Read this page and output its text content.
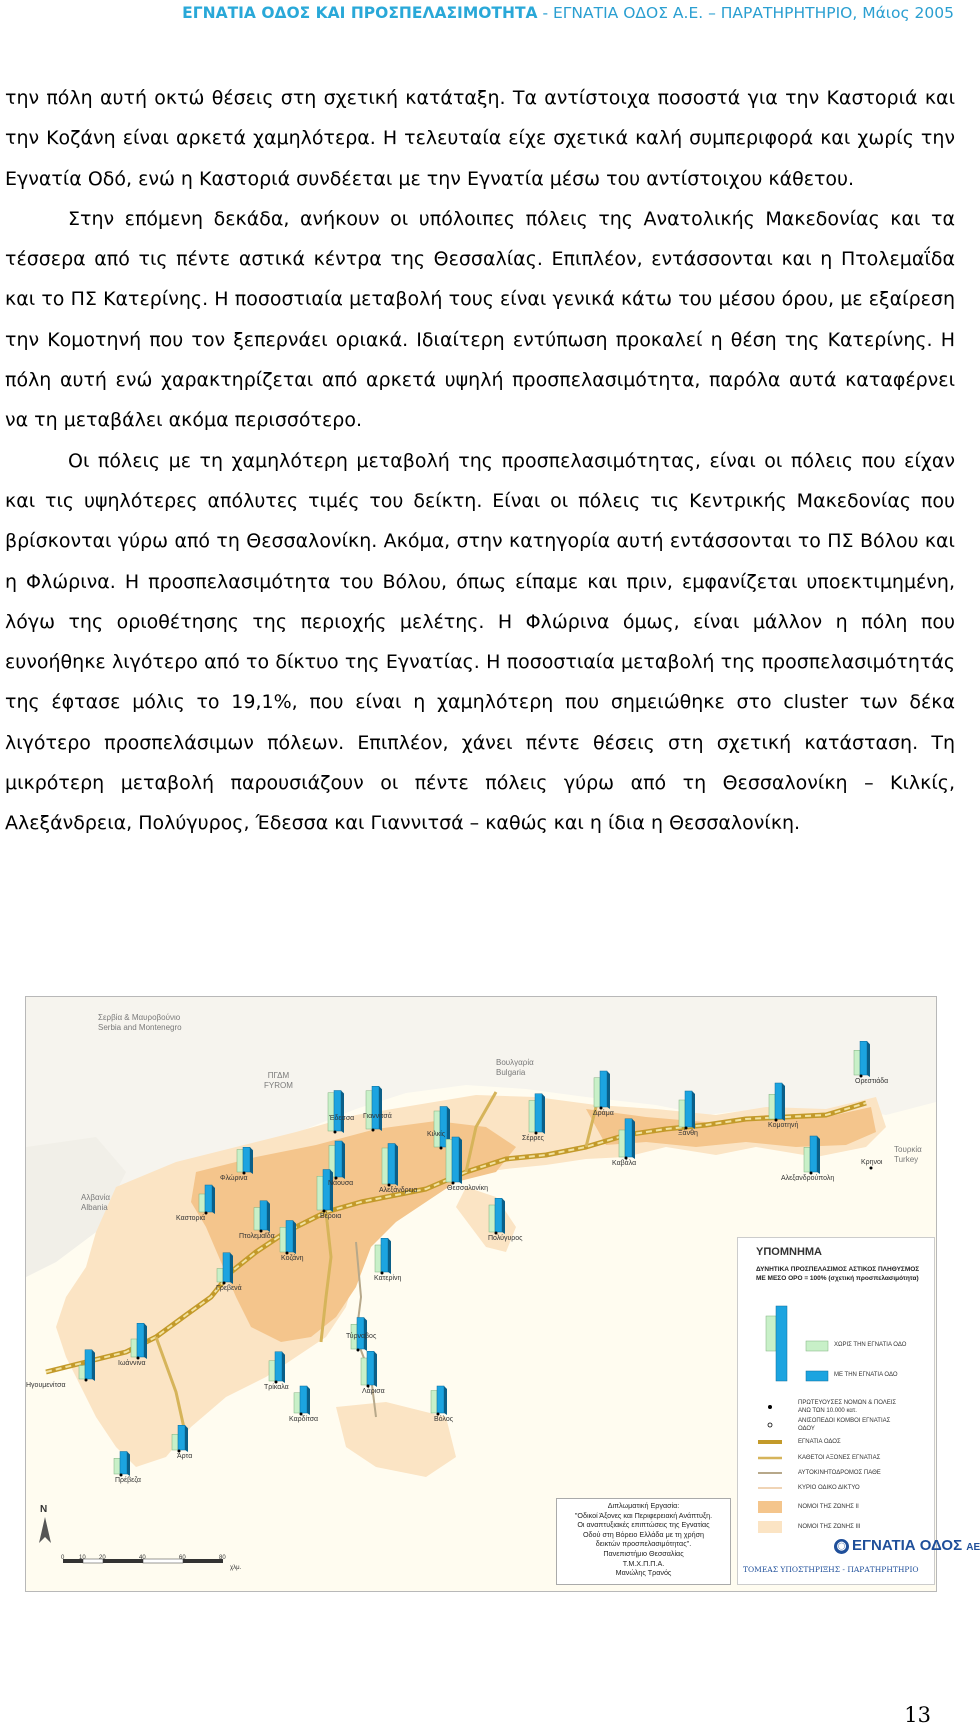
ΕΓΝΑΤΙΑ ΟΔΟΣ ΚΑΙ ΠΡΟΣΠΕΛΑΣΙΜΟΤΗΤΑ - ΕΓΝΑΤΙΑ ΟΔΟΣ Α.Ε. – ΠΑΡΑΤΗΡΗΤΗΡΙΟ, Μάιος 2005

την πόλη αυτή οκτώ θέσεις στη σχετική κατάταξη. Τα αντίστοιχα ποσοστά για την Καστοριά και την Κοζάνη είναι αρκετά χαμηλότερα. Η τελευταία είχε σχετικά καλή συμπεριφορά και χωρίς την Εγνατία Οδό, ενώ η Καστοριά συνδέεται με την Εγνατία μέσω του αντίστοιχου κάθετου.

Στην επόμενη δεκάδα, ανήκουν οι υπόλοιπες πόλεις της Ανατολικής Μακεδονίας και τα τέσσερα από τις πέντε αστικά κέντρα της Θεσσαλίας. Επιπλέον, εντάσσονται και η Πτολεμαΐδα και το ΠΣ Κατερίνης. Η ποσοστιαία μεταβολή τους είναι γενικά κάτω του μέσου όρου, με εξαίρεση την Κομοτηνή που τον ξεπερνάει οριακά. Ιδιαίτερη εντύπωση προκαλεί η θέση της Κατερίνης. Η πόλη αυτή ενώ χαρακτηρίζεται από αρκετά υψηλή προσπελασιμότητα, παρόλα αυτά καταφέρνει να τη μεταβάλει ακόμα περισσότερο.

Οι πόλεις με τη χαμηλότερη μεταβολή της προσπελασιμότητας, είναι οι πόλεις που είχαν και τις υψηλότερες απόλυτες τιμές του δείκτη. Είναι οι πόλεις τις Κεντρικής Μακεδονίας που βρίσκονται γύρω από τη Θεσσαλονίκη. Ακόμα, στην κατηγορία αυτή εντάσσονται το ΠΣ Βόλου και η Φλώρινα. Η προσπελασιμότητα του Βόλου, όπως είπαμε και πριν, εμφανίζεται υποεκτιμημένη, λόγω της οριοθέτησης της περιοχής μελέτης. Η Φλώρινα όμως, είναι μάλλον η πόλη που ευνοήθηκε λιγότερο από το δίκτυο της Εγνατίας. Η ποσοστιαία μεταβολή της προσπελασιμότητάς της έφτασε μόλις το 19,1%, που είναι η χαμηλότερη που σημειώθηκε στο cluster των δέκα λιγότερο προσπελάσιμων πόλεων. Επιπλέον, χάνει πέντε θέσεις στη σχετική κατάσταση. Τη μικρότερη μεταβολή παρουσιάζουν οι πέντε πόλεις γύρω από τη Θεσσαλονίκη – Κιλκίς, Αλεξάνδρεια, Πολύγυρος, Έδεσσα και Γιαννιτσά – καθώς και η ίδια η Θεσσαλονίκη.

Σερβία & Μαυροβούνιο
Serbia and Montenegro
ΠΓΔΜ
FYROM
Βουλγαρία
Bulgaria
Αλβανία
Albania
Τουρκία
Turkey
Ορεστιάδα
Ξάνθη
Κομοτηνή
Δράμα
Σέρρες
Καβάλα	Κρηνοι
Αλεξανδρούπολη
Κιλκίς
Γιαννιτσά
Έδεσσα
Θεσσαλονίκη
Αλεξάνδρεια
Νάουσα
Φλώρινα
Βέροια
Πολύγυρος
Καστοριά
Πτολεμαΐδα
Κοζάνη
Κατερίνη
Γρεβενά
Ηγουμενίτσα
Ιωάννινα
Τύρναβος
Λάρισα
Τρίκαλα
Βόλος
Καρδίτσα
Άρτα
Πρέβεζα
ΥΠΟΜΝΗΜΑ
ΔΥΝΗΤΙΚΑ ΠΡΟΣΠΕΛΑΣΙΜΟΣ ΑΣΤΙΚΟΣ ΠΛΗΘΥΣΜΟΣ ΜΕ ΜΕΣΟ ΟΡΟ = 100% (σχετική προσπελασιμότητα)
ΧΩΡΙΣ ΤΗΝ ΕΓΝΑΤΙΑ ΟΔΟ
ΜΕ ΤΗΝ ΕΓΝΑΤΙΑ ΟΔΟ
ΠΡΩΤΕΥΟΥΣΕΣ ΝΟΜΩΝ & ΠΟΛΕΙΣ ΑΝΩ ΤΩΝ 10.000 κατ.
ΑΝΙΣΟΠΕΔΟΙ ΚΟΜΒΟΙ ΕΓΝΑΤΙΑΣ ΟΔΟΥ
ΕΓΝΑΤΙΑ ΟΔΟΣ
ΚΑΘΕΤΟΙ ΑΞΟΝΕΣ ΕΓΝΑΤΙΑΣ
ΑΥΤΟΚΙΝΗΤΟΔΡΟΜΟΣ ΠΑΘΕ
ΚΥΡΙΟ ΟΔΙΚΟ ΔΙΚΤΥΟ
ΝΟΜΟΙ ΤΗΣ ΖΩΝΗΣ ΙΙ
ΝΟΜΟΙ ΤΗΣ ΖΩΝΗΣ ΙΙΙ
Διπλωματική Εργασία:
"Οδικοί Άξονες και Περιφερειακή Ανάπτυξη.
Οι αναπτυξιακές επιπτώσεις της Εγνατίας
Οδού στη Βόρειο Ελλάδα με τη χρήση
δεικτών προσπελασιμότητας".
Πανεπιστήμιο Θεσσαλίας
Τ.Μ.Χ.Π.Π.Α.
Μανώλης Τρανός
◉ ΕΓΝΑΤΙΑ ΟΔΟΣ ΑΕ
ΤΟΜΕΑΣ ΥΠΟΣΤΗΡΙΞΗΣ - ΠΑΡΑΤΗΡΗΤΗΡΙΟ
N
0 10 20	40	60	80
χλμ.
13
